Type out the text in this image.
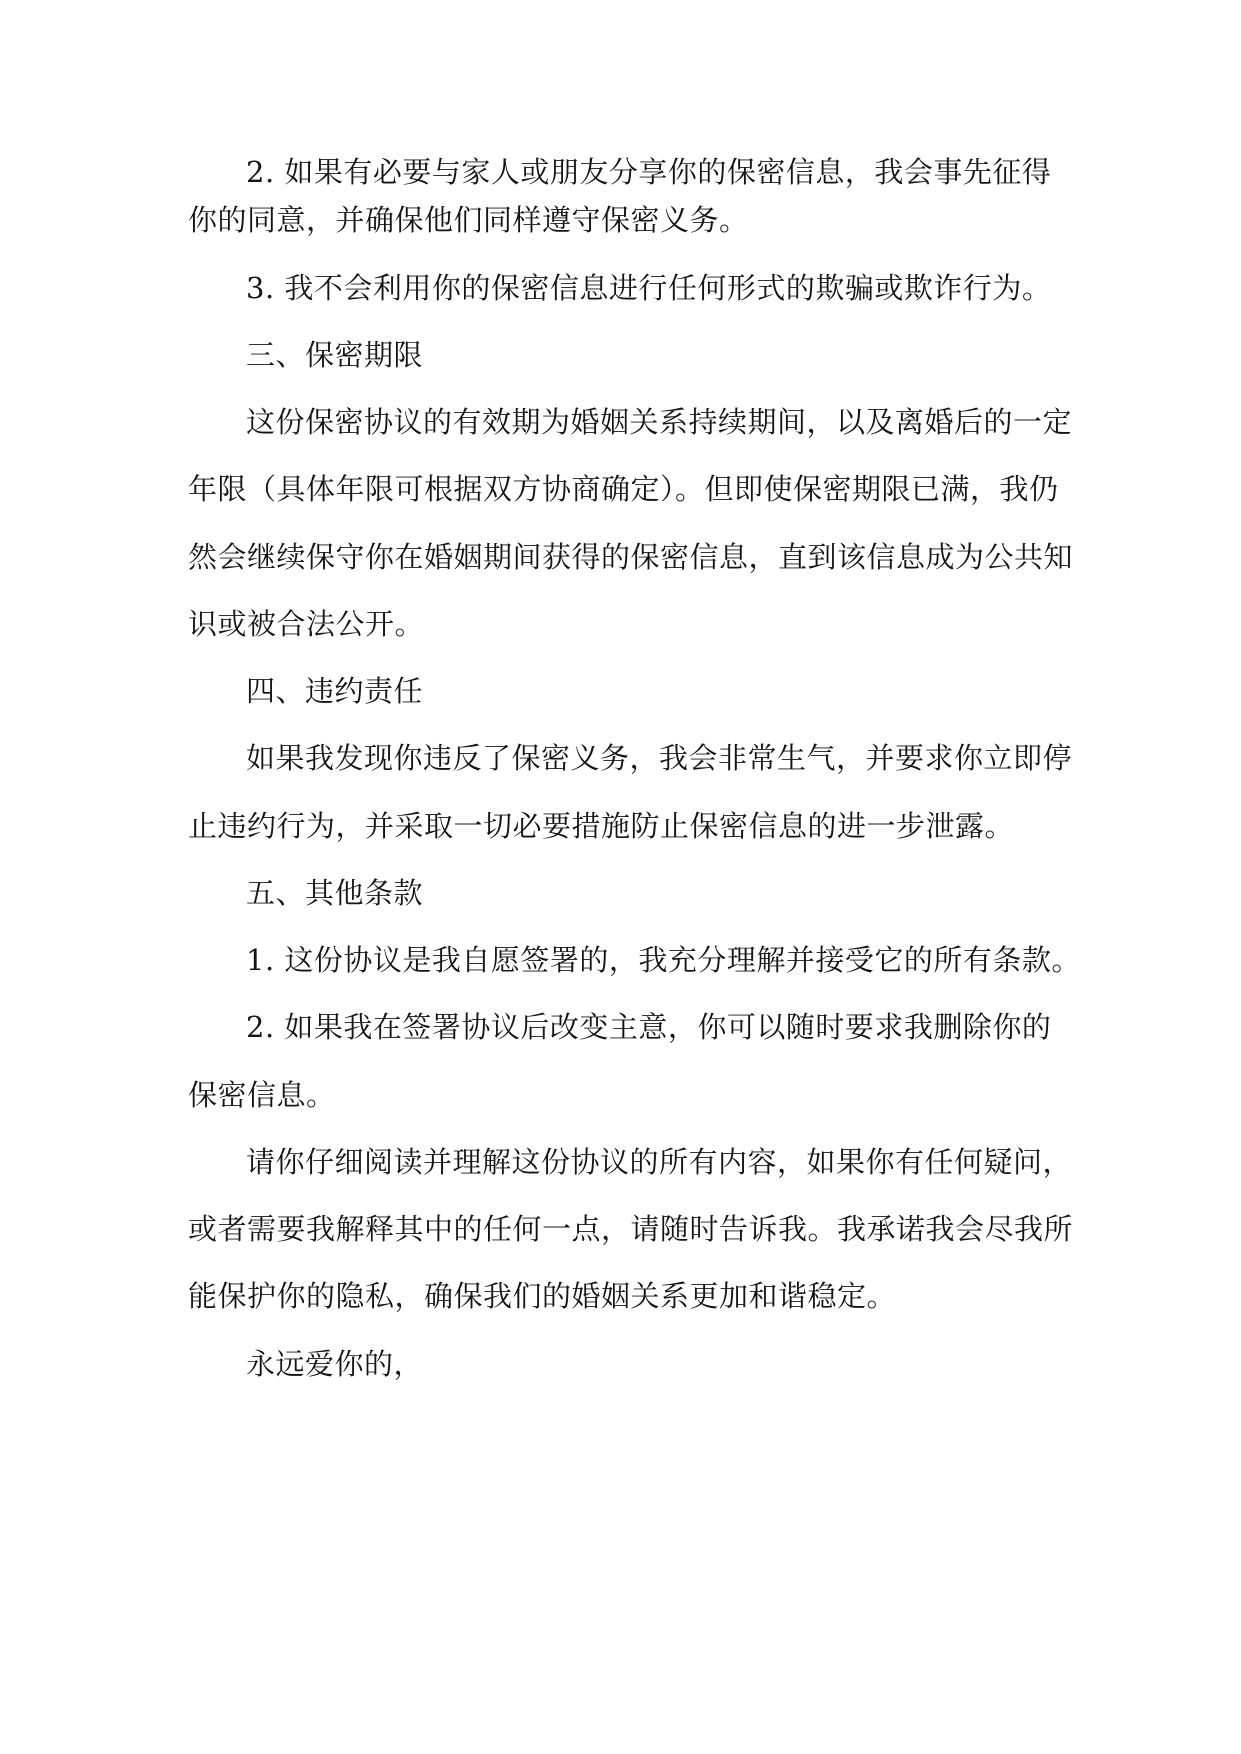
2. 如果有必要与家人或朋友分享你的保密信息，我会事先征得
你的同意，并确保他们同样遵守保密义务。
3. 我不会利用你的保密信息进行任何形式的欺骗或欺诈行为。
三、保密期限
这份保密协议的有效期为婚姻关系持续期间，以及离婚后的一定
年限（具体年限可根据双方协商确定）。但即使保密期限已满，我仍
然会继续保守你在婚姻期间获得的保密信息，直到该信息成为公共知
识或被合法公开。
四、违约责任
如果我发现你违反了保密义务，我会非常生气，并要求你立即停
止违约行为，并采取一切必要措施防止保密信息的进一步泄露。
五、其他条款
1. 这份协议是我自愿签署的，我充分理解并接受它的所有条款。
2. 如果我在签署协议后改变主意，你可以随时要求我删除你的
保密信息。
请你仔细阅读并理解这份协议的所有内容，如果你有任何疑问，
或者需要我解释其中的任何一点，请随时告诉我。我承诺我会尽我所
能保护你的隐私，确保我们的婚姻关系更加和谐稳定。
永远爱你的，
